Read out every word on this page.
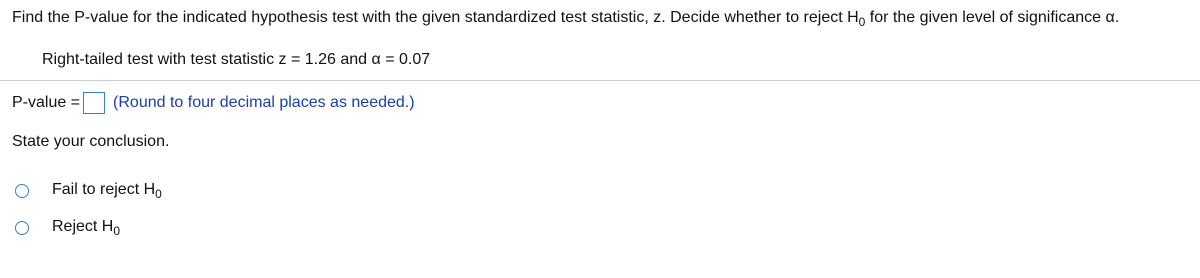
Find the P-value for the indicated hypothesis test with the given standardized test statistic, z. Decide whether to reject $H_0$ for the given level of significance α.
Right-tailed test with test statistic z = 1.26 and α = 0.07
P-value = (Round to four decimal places as needed.)
State your conclusion.
Fail to reject $H_0$
Reject $H_0$
